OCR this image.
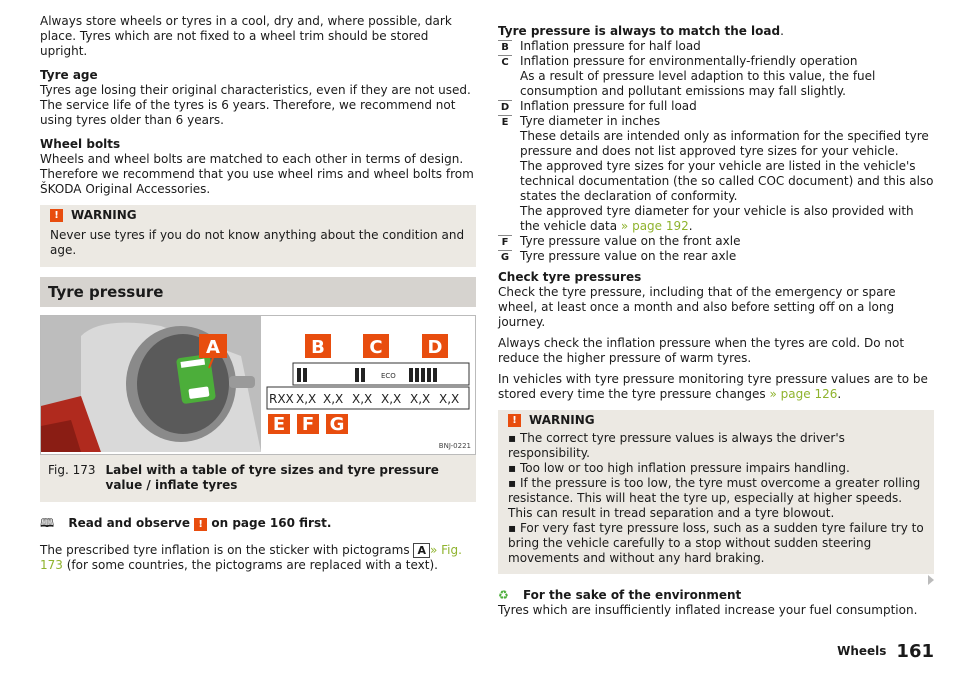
Always store wheels or tyres in a cool, dry and, where possible, dark place. Tyres which are not fixed to a wheel trim should be stored upright.

Tyre age

Tyres age losing their original characteristics, even if they are not used. The service life of the tyres is 6 years. Therefore, we recommend not using tyres older than 6 years.

Wheel bolts

Wheels and wheel bolts are matched to each other in terms of design. Therefore we recommend that you use wheel rims and wheel bolts from ŠKODA Original Accessories.

!	WARNING

Never use tyres if you do not know anything about the condition and age.

Tyre pressure
A	B C D
E F G
ECO
RXX X,X X,X X,X X,X X,X X,X
BNJ-0221
Fig. 173 Label with a table of tyre sizes and tyre pressure value / inflate tyres

🕮 Read and observe ! on page 160 first.

The prescribed tyre inflation is on the sticker with pictograms A » Fig. 173 (for some countries, the pictograms are replaced with a text).

Tyre pressure is always to match the load.

B Inflation pressure for half load

C Inflation pressure for environmentally-friendly operation

As a result of pressure level adaption to this value, the fuel consumption and pollutant emissions may fall slightly.

D Inflation pressure for full load

E Tyre diameter in inches

These details are intended only as information for the specified tyre pressure and does not list approved tyre sizes for your vehicle.

The approved tyre sizes for your vehicle are listed in the vehicle's technical documentation (the so called COC document) and this also states the declaration of conformity.

The approved tyre diameter for your vehicle is also provided with the vehicle data » page 192.

F Tyre pressure value on the front axle

G Tyre pressure value on the rear axle

Check tyre pressures

Check the tyre pressure, including that of the emergency or spare wheel, at least once a month and also before setting off on a long journey.

Always check the inflation pressure when the tyres are cold. Do not reduce the higher pressure of warm tyres.

In vehicles with tyre pressure monitoring tyre pressure values are to be stored every time the tyre pressure changes » page 126.

!	WARNING

▪ The correct tyre pressure values is always the driver's responsibility.

▪ Too low or too high inflation pressure impairs handling.

▪ If the pressure is too low, the tyre must overcome a greater rolling resistance. This will heat the tyre up, especially at higher speeds. This can result in tread separation and a tyre blowout.

▪ For very fast tyre pressure loss, such as a sudden tyre failure try to bring the vehicle carefully to a stop without sudden steering movements and without any hard braking.

♻ For the sake of the environment

Tyres which are insufficiently inflated increase your fuel consumption.

Wheels 161
